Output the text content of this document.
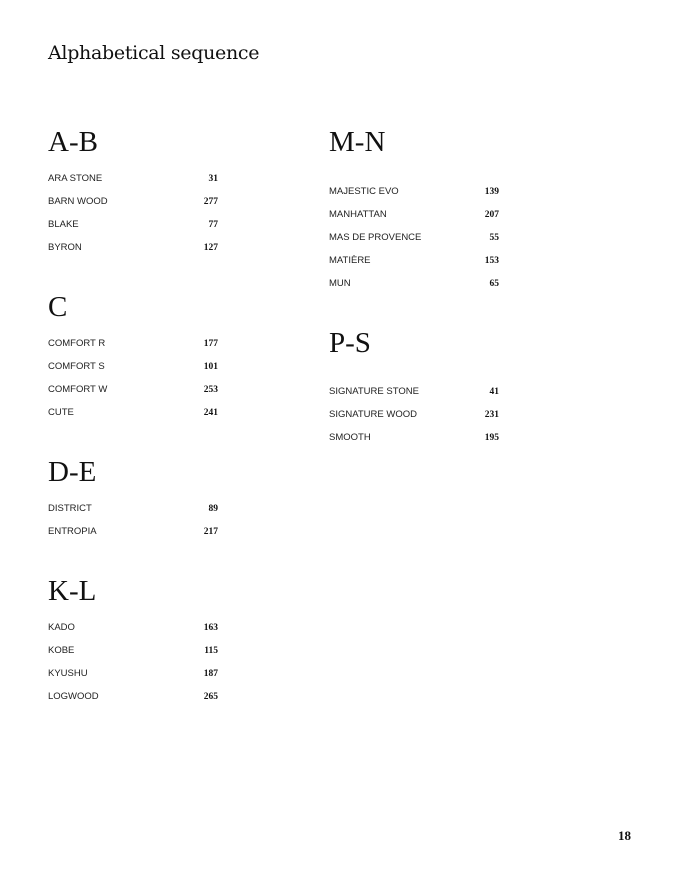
Alphabetical sequence
A-B
ARA STONE	31
BARN WOOD	277
BLAKE	77
BYRON	127
C
COMFORT R	177
COMFORT S	101
COMFORT W	253
CUTE	241
D-E
DISTRICT	89
ENTROPIA	217
K-L
KADO	163
KOBE	115
KYUSHU	187
LOGWOOD	265
M-N
MAJESTIC EVO	139
MANHATTAN	207
MAS DE PROVENCE	55
MATIÈRE	153
MUN	65
P-S
SIGNATURE STONE	41
SIGNATURE WOOD	231
SMOOTH	195
18
